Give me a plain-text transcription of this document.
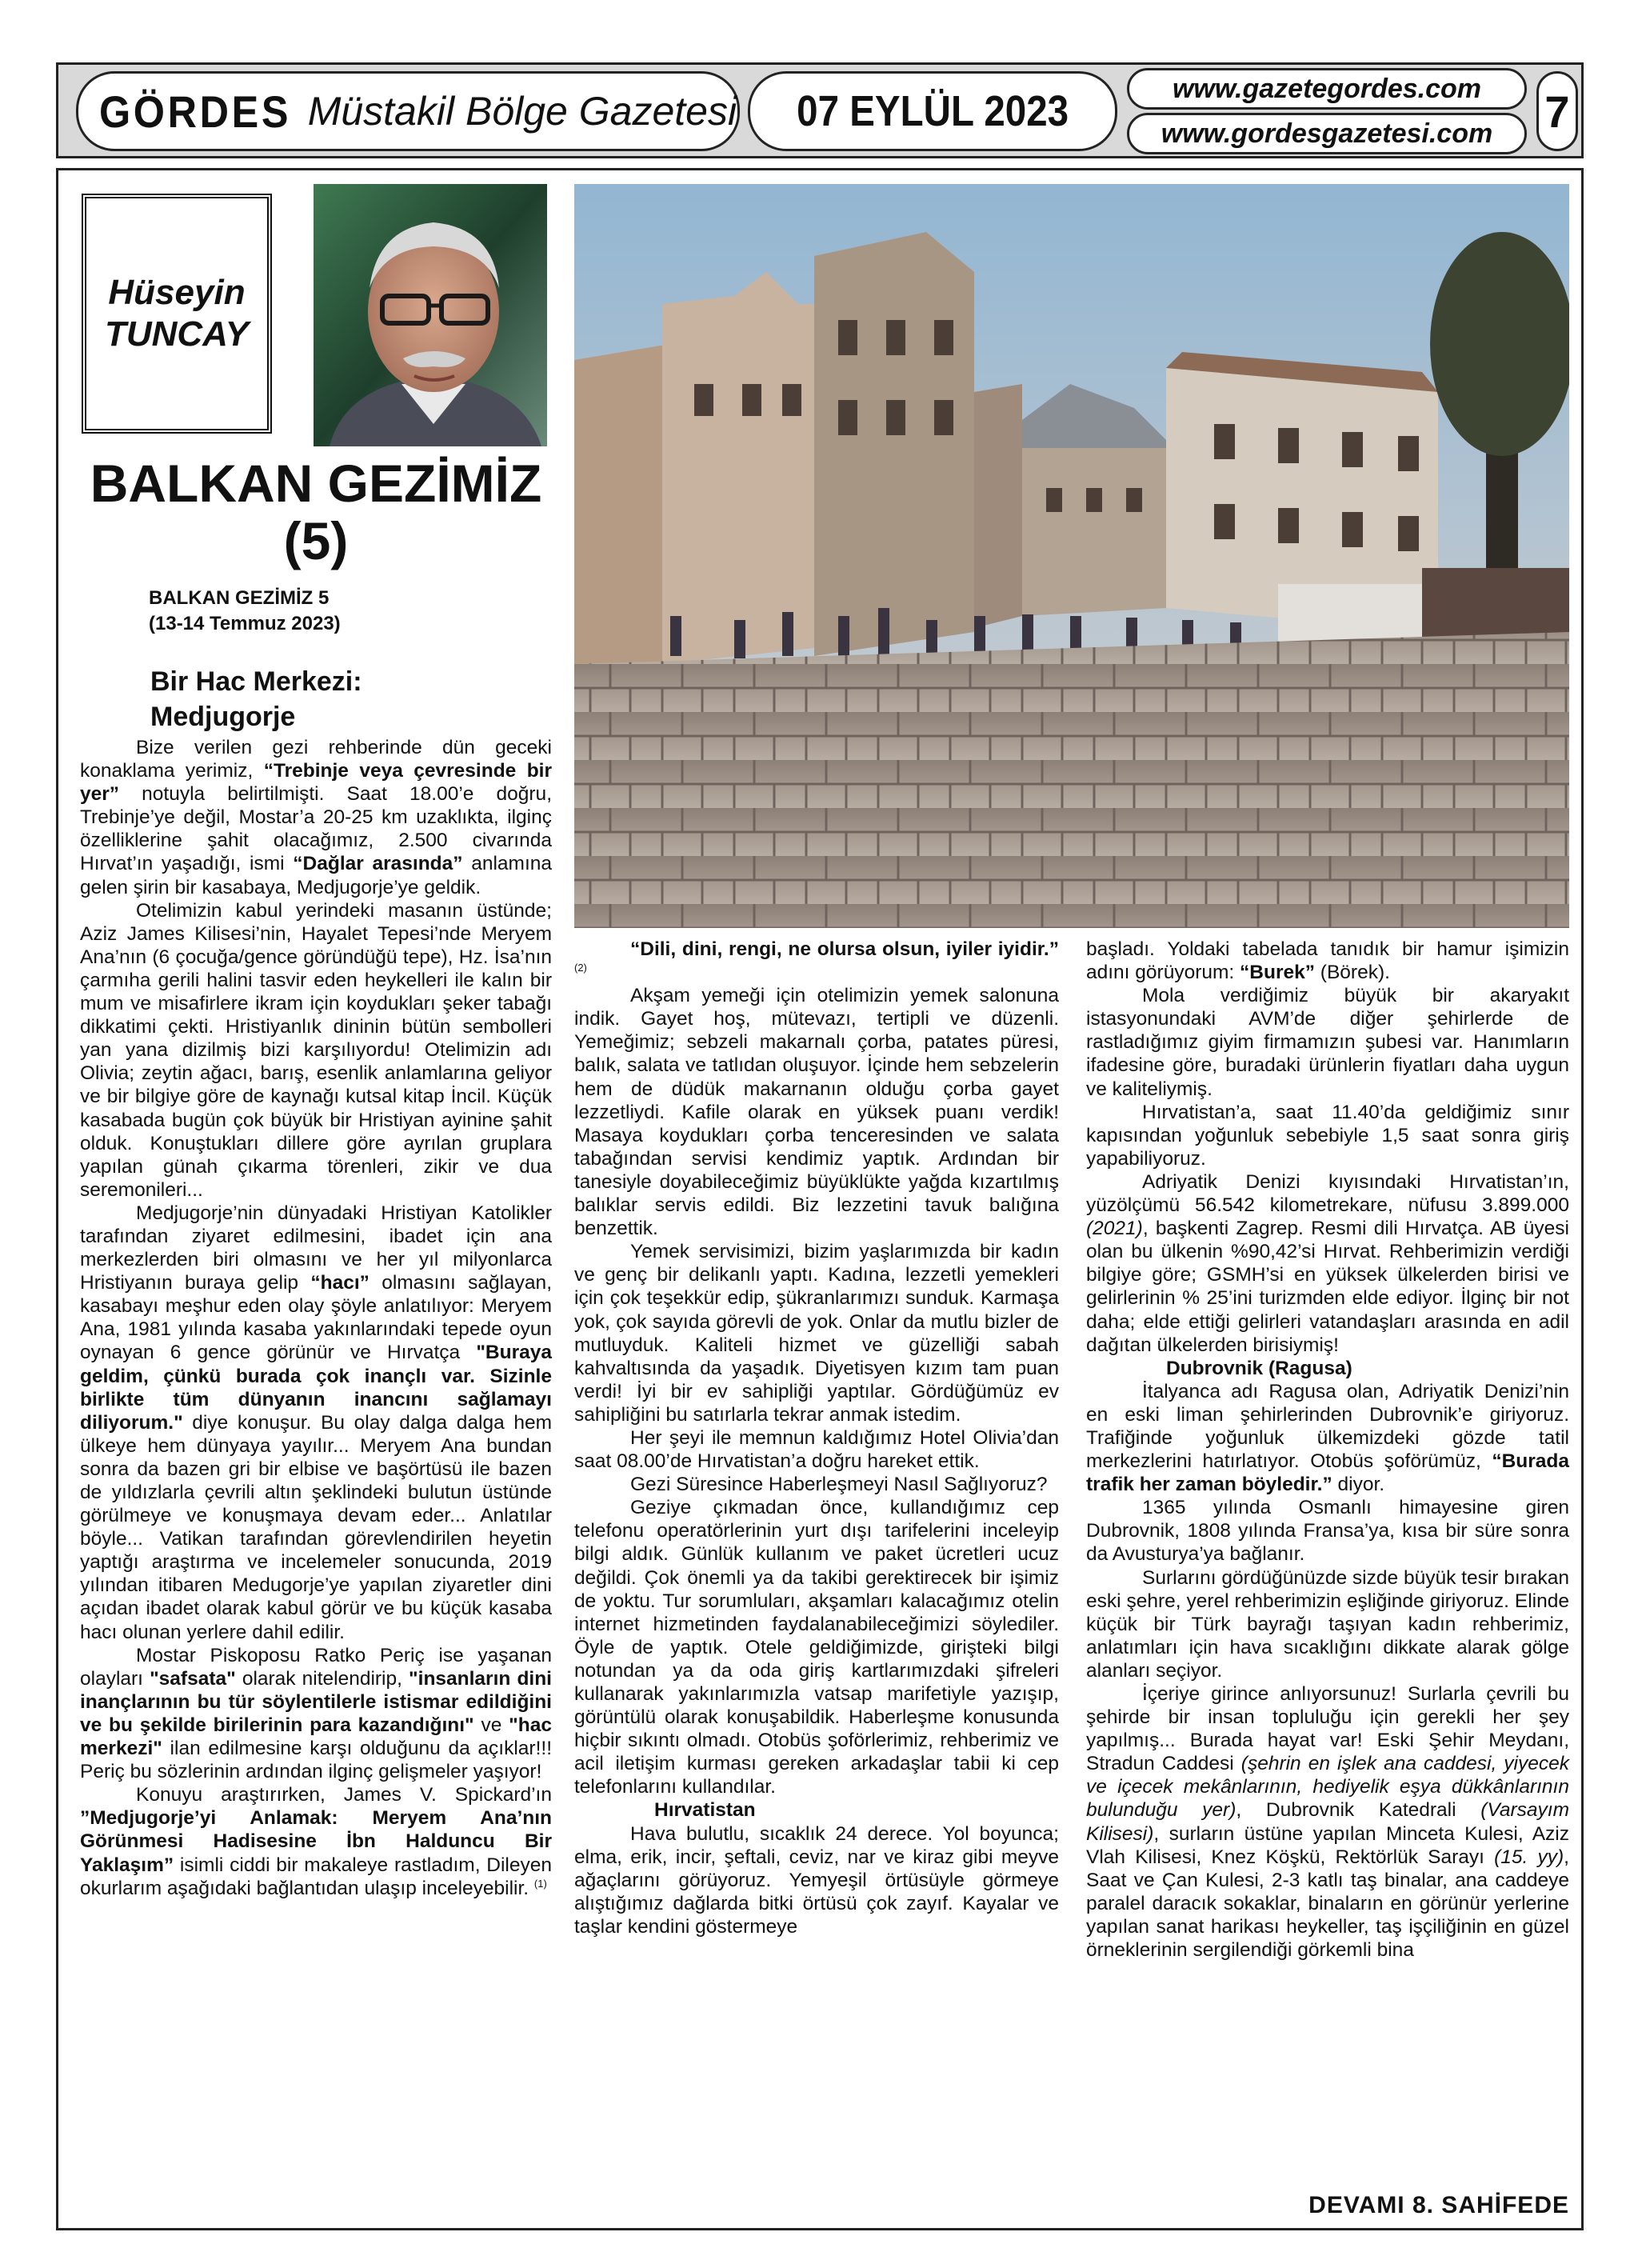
GÖRDES Müstakil Bölge Gazetesi 07 EYLÜL 2023	www.gazetegordes.com
www.gordesgazetesi.com 7
Hüseyin
TUNCAY
BALKAN GEZİMİZ
(5)
BALKAN GEZİMİZ 5
(13-14 Temmuz 2023)
Bir Hac Merkezi:
Medjugorje

Bize verilen gezi rehberinde dün geceki konaklama yerimiz, “Trebinje veya çevresinde bir yer” notuyla belirtilmişti. Saat 18.00’e doğru, Trebinje’ye değil, Mostar’a 20-25 km uzaklıkta, ilginç özelliklerine şahit olacağımız, 2.500 civarında Hırvat’ın yaşadığı, ismi “Dağlar arasında” anlamına gelen şirin bir kasabaya, Medjugorje’ye geldik.

Otelimizin kabul yerindeki masanın üstünde; Aziz James Kilisesi’nin, Hayalet Tepesi’nde Meryem Ana’nın (6 çocuğa/gence göründüğü tepe), Hz. İsa’nın çarmıha gerili halini tasvir eden heykelleri ile kalın bir mum ve misafirlere ikram için koydukları şeker tabağı dikkatimi çekti. Hristiyanlık dininin bütün sembolleri yan yana dizilmiş bizi karşılıyordu! Otelimizin adı Olivia; zeytin ağacı, barış, esenlik anlamlarına geliyor ve bir bilgiye göre de kaynağı kutsal kitap İncil. Küçük kasabada bugün çok büyük bir Hristiyan ayinine şahit olduk. Konuştukları dillere göre ayrılan gruplara yapılan günah çıkarma törenleri, zikir ve dua seremonileri...

Medjugorje’nin dünyadaki Hristiyan Katolikler tarafından ziyaret edilmesini, ibadet için ana merkezlerden biri olmasını ve her yıl milyonlarca Hristiyanın buraya gelip “hacı” olmasını sağlayan, kasabayı meşhur eden olay şöyle anlatılıyor: Meryem Ana, 1981 yılında kasaba yakınlarındaki tepede oyun oynayan 6 gence görünür ve Hırvatça "Buraya geldim, çünkü burada çok inançlı var. Sizinle birlikte tüm dünyanın inancını sağlamayı diliyorum." diye konuşur. Bu olay dalga dalga hem ülkeye hem dünyaya yayılır... Meryem Ana bundan sonra da bazen gri bir elbise ve başörtüsü ile bazen de yıldızlarla çevrili altın şeklindeki bulutun üstünde görülmeye ve konuşmaya devam eder... Anlatılar böyle... Vatikan tarafından görevlendirilen heyetin yaptığı araştırma ve incelemeler sonucunda, 2019 yılından itibaren Medugorje’ye yapılan ziyaretler dini açıdan ibadet olarak kabul görür ve bu küçük kasaba hacı olunan yerlere dahil edilir.

Mostar Piskoposu Ratko Periç ise yaşanan olayları "safsata" olarak nitelendirip, "insanların dini inançlarının bu tür söylentilerle istismar edildiğini ve bu şekilde birilerinin para kazandığını" ve "hac merkezi" ilan edilmesine karşı olduğunu da açıklar!!! Periç bu sözlerinin ardından ilginç gelişmeler yaşıyor!

Konuyu araştırırken, James V. Spickard’ın ”Medjugorje’yi Anlamak: Meryem Ana’nın Görünmesi Hadisesine İbn Halduncu Bir Yaklaşım” isimli ciddi bir makaleye rastladım, Dileyen okurlarım aşağıdaki bağlantıdan ulaşıp inceleyebilir. $^{(1)}$

“Dili, dini, rengi, ne olursa olsun, iyiler iyidir.” $^{(2)}$

Akşam yemeği için otelimizin yemek salonuna indik. Gayet hoş, mütevazı, tertipli ve düzenli. Yemeğimiz; sebzeli makarnalı çorba, patates püresi, balık, salata ve tatlıdan oluşuyor. İçinde hem sebzelerin hem de düdük makarnanın olduğu çorba gayet lezzetliydi. Kafile olarak en yüksek puanı verdik! Masaya koydukları çorba tenceresinden ve salata tabağından servisi kendimiz yaptık. Ardından bir tanesiyle doyabileceğimiz büyüklükte yağda kızartılmış balıklar servis edildi. Biz lezzetini tavuk balığına benzettik.

Yemek servisimizi, bizim yaşlarımızda bir kadın ve genç bir delikanlı yaptı. Kadına, lezzetli yemekleri için çok teşekkür edip, şükranlarımızı sunduk. Karmaşa yok, çok sayıda görevli de yok. Onlar da mutlu bizler de mutluyduk. Kaliteli hizmet ve güzelliği sabah kahvaltısında da yaşadık. Diyetisyen kızım tam puan verdi! İyi bir ev sahipliği yaptılar. Gördüğümüz ev sahipliğini bu satırlarla tekrar anmak istedim.

Her şeyi ile memnun kaldığımız Hotel Olivia’dan saat 08.00’de Hırvatistan’a doğru hareket ettik.

Gezi Süresince Haberleşmeyi Nasıl Sağlıyoruz?

Geziye çıkmadan önce, kullandığımız cep telefonu operatörlerinin yurt dışı tarifelerini inceleyip bilgi aldık. Günlük kullanım ve paket ücretleri ucuz değildi. Çok önemli ya da takibi gerektirecek bir işimiz de yoktu. Tur sorumluları, akşamları kalacağımız otelin internet hizmetinden faydalanabileceğimizi söylediler. Öyle de yaptık. Otele geldiğimizde, girişteki bilgi notundan ya da oda giriş kartlarımızdaki şifreleri kullanarak yakınlarımızla vatsap marifetiyle yazışıp, görüntülü olarak konuşabildik. Haberleşme konusunda hiçbir sıkıntı olmadı. Otobüs şoförlerimiz, rehberimiz ve acil iletişim kurması gereken arkadaşlar tabii ki cep telefonlarını kullandılar.

Hırvatistan

Hava bulutlu, sıcaklık 24 derece. Yol boyunca; elma, erik, incir, şeftali, ceviz, nar ve kiraz gibi meyve ağaçlarını görüyoruz. Yemyeşil örtüsüyle görmeye alıştığımız dağlarda bitki örtüsü çok zayıf. Kayalar ve taşlar kendini göstermeye

başladı. Yoldaki tabelada tanıdık bir hamur işimizin adını görüyorum: “Burek” (Börek).

Mola verdiğimiz büyük bir akaryakıt istasyonundaki AVM’de diğer şehirlerde de rastladığımız giyim firmamızın şubesi var. Hanımların ifadesine göre, buradaki ürünlerin fiyatları daha uygun ve kaliteliymiş.

Hırvatistan’a, saat 11.40’da geldiğimiz sınır kapısından yoğunluk sebebiyle 1,5 saat sonra giriş yapabiliyoruz.

Adriyatik Denizi kıyısındaki Hırvatistan’ın, yüzölçümü 56.542 kilometrekare, nüfusu 3.899.000 (2021), başkenti Zagrep. Resmi dili Hırvatça. AB üyesi olan bu ülkenin %90,42’si Hırvat. Rehberimizin verdiği bilgiye göre; GSMH’si en yüksek ülkelerden birisi ve gelirlerinin % 25’ini turizmden elde ediyor. İlginç bir not daha; elde ettiği gelirleri vatandaşları arasında en adil dağıtan ülkelerden birisiymiş!

Dubrovnik (Ragusa)

İtalyanca adı Ragusa olan, Adriyatik Denizi’nin en eski liman şehirlerinden Dubrovnik’e giriyoruz. Trafiğinde yoğunluk ülkemizdeki gözde tatil merkezlerini hatırlatıyor. Otobüs şoförümüz, “Burada trafik her zaman böyledir.” diyor.

1365 yılında Osmanlı himayesine giren Dubrovnik, 1808 yılında Fransa’ya, kısa bir süre sonra da Avusturya’ya bağlanır.

Surlarını gördüğünüzde sizde büyük tesir bırakan eski şehre, yerel rehberimizin eşliğinde giriyoruz. Elinde küçük bir Türk bayrağı taşıyan kadın rehberimiz, anlatımları için hava sıcaklığını dikkate alarak gölge alanları seçiyor.

İçeriye girince anlıyorsunuz! Surlarla çevrili bu şehirde bir insan topluluğu için gerekli her şey yapılmış... Burada hayat var! Eski Şehir Meydanı, Stradun Caddesi (şehrin en işlek ana caddesi, yiyecek ve içecek mekânlarının, hediyelik eşya dükkânlarının bulunduğu yer), Dubrovnik Katedrali (Varsayım Kilisesi), surların üstüne yapılan Minceta Kulesi, Aziz Vlah Kilisesi, Knez Köşkü, Rektörlük Sarayı (15. yy), Saat ve Çan Kulesi, 2-3 katlı taş binalar, ana caddeye paralel daracık sokaklar, binaların en görünür yerlerine yapılan sanat harikası heykeller, taş işçiliğinin en güzel örneklerinin sergilendiği görkemli bina

DEVAMI 8. SAHİFEDE
